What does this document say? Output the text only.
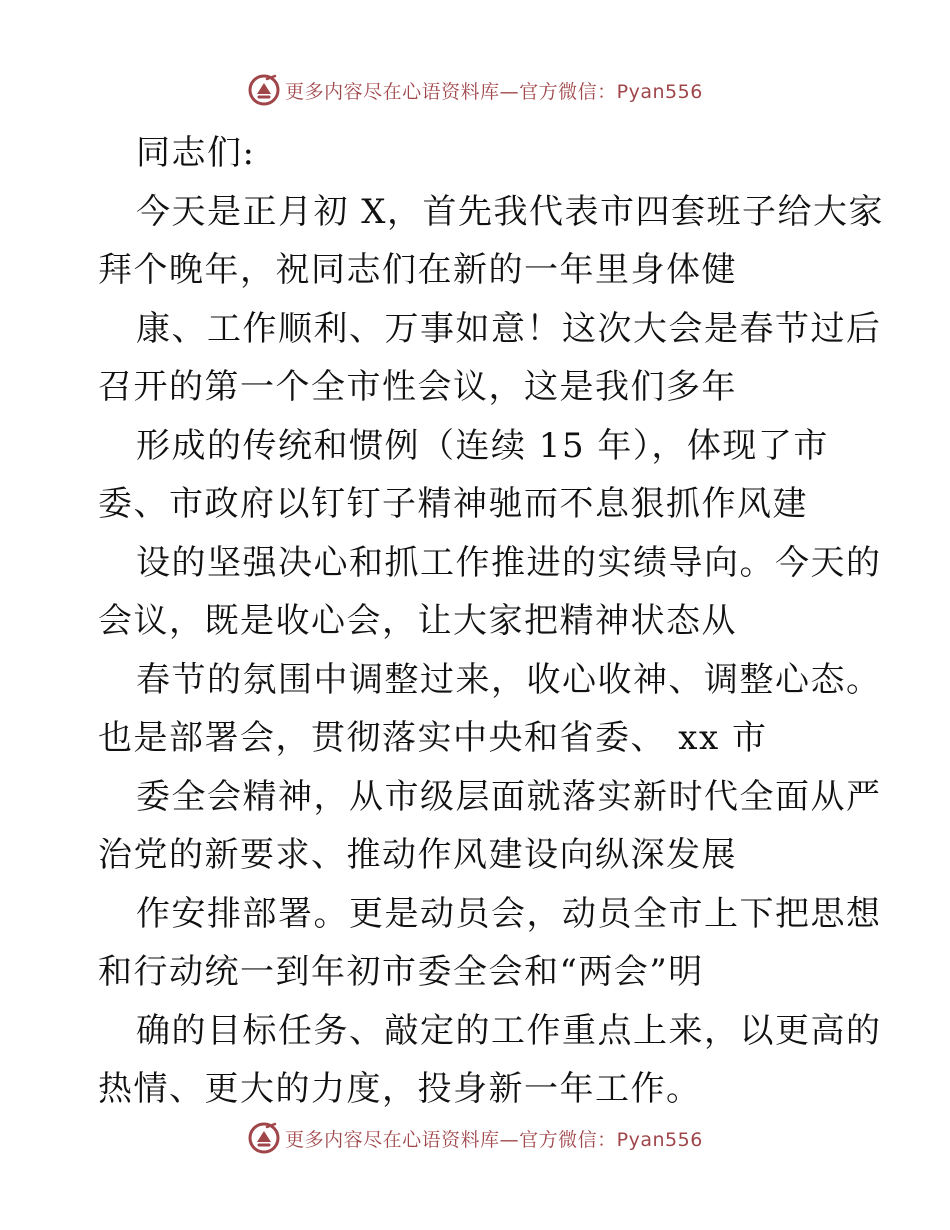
更多内容尽在心语资料库—官方微信：Pyan556
同志们:
今天是正月初 X，首先我代表市四套班子给大家
拜个晚年，祝同志们在新的一年里身体健
康、工作顺利、万事如意！这次大会是春节过后
召开的第一个全市性会议，这是我们多年
形成的传统和惯例（连续 15 年），体现了市
委、市政府以钉钉子精神驰而不息狠抓作风建
设的坚强决心和抓工作推进的实绩导向。今天的
会议，既是收心会，让大家把精神状态从
春节的氛围中调整过来，收心收神、调整心态。
也是部署会，贯彻落实中央和省委、 xx 市
委全会精神，从市级层面就落实新时代全面从严
治党的新要求、推动作风建设向纵深发展
作安排部署。更是动员会，动员全市上下把思想
和行动统一到年初市委全会和“两会”明
确的目标任务、敲定的工作重点上来，以更高的
热情、更大的力度，投身新一年工作。
更多内容尽在心语资料库—官方微信：Pyan556
